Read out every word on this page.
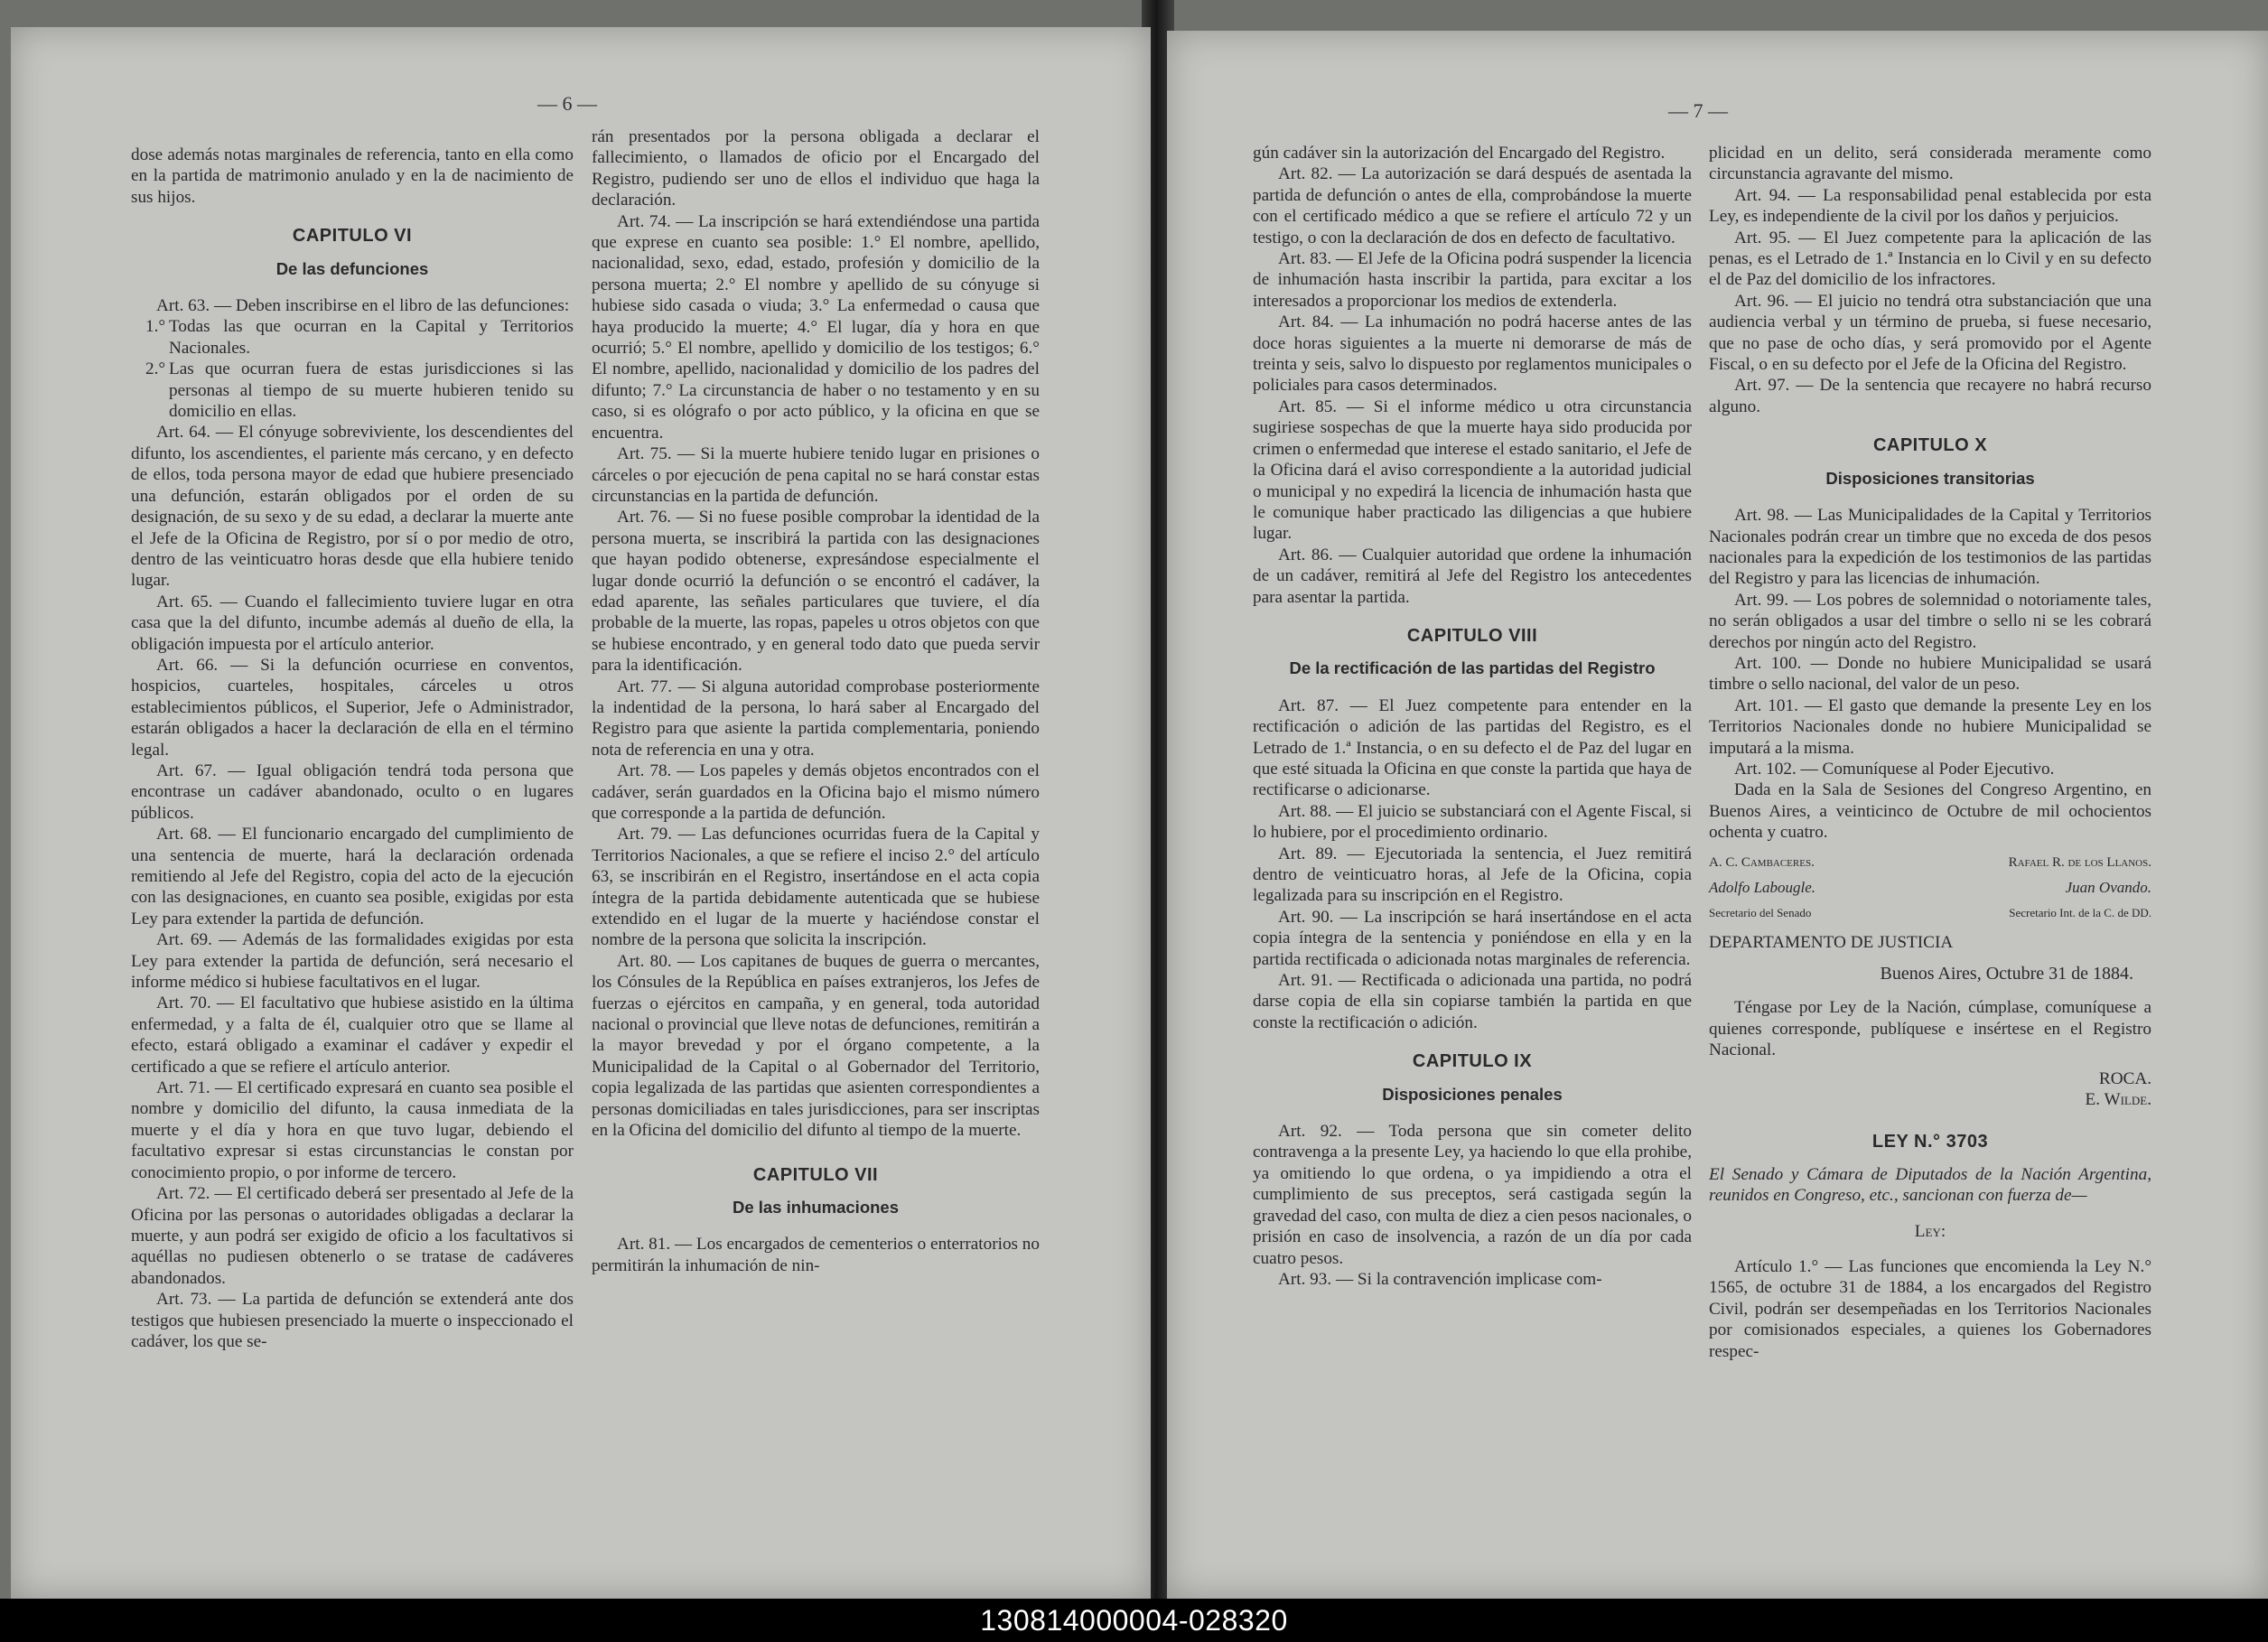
— 6 —

dose además notas marginales de referencia, tanto en ella como en la partida de matrimonio anulado y en la de nacimiento de sus hijos.

CAPITULO VI
De las defunciones

Art. 63. — Deben inscribirse en el libro de las defunciones:

1.° Todas las que ocurran en la Capital y Territorios Nacionales.

2.° Las que ocurran fuera de estas jurisdicciones si las personas al tiempo de su muerte hubieren tenido su domicilio en ellas.

Art. 64. — El cónyuge sobreviviente, los descendientes del difunto, los ascendientes, el pariente más cercano, y en defecto de ellos, toda persona mayor de edad que hubiere presenciado una defunción, estarán obligados por el orden de su designación, de su sexo y de su edad, a declarar la muerte ante el Jefe de la Oficina de Registro, por sí o por medio de otro, dentro de las veinticuatro horas desde que ella hubiere tenido lugar.

Art. 65. — Cuando el fallecimiento tuviere lugar en otra casa que la del difunto, incumbe además al dueño de ella, la obligación impuesta por el artículo anterior.

Art. 66. — Si la defunción ocurriese en conventos, hospicios, cuarteles, hospitales, cárceles u otros establecimientos públicos, el Superior, Jefe o Administrador, estarán obligados a hacer la declaración de ella en el término legal.

Art. 67. — Igual obligación tendrá toda persona que encontrase un cadáver abandonado, oculto o en lugares públicos.

Art. 68. — El funcionario encargado del cumplimiento de una sentencia de muerte, hará la declaración ordenada remitiendo al Jefe del Registro, copia del acto de la ejecución con las designaciones, en cuanto sea posible, exigidas por esta Ley para extender la partida de defunción.

Art. 69. — Además de las formalidades exigidas por esta Ley para extender la partida de defunción, será necesario el informe médico si hubiese facultativos en el lugar.

Art. 70. — El facultativo que hubiese asistido en la última enfermedad, y a falta de él, cualquier otro que se llame al efecto, estará obligado a examinar el cadáver y expedir el certificado a que se refiere el artículo anterior.

Art. 71. — El certificado expresará en cuanto sea posible el nombre y domicilio del difunto, la causa inmediata de la muerte y el día y hora en que tuvo lugar, debiendo el facultativo expresar si estas circunstancias le constan por conocimiento propio, o por informe de tercero.

Art. 72. — El certificado deberá ser presentado al Jefe de la Oficina por las personas o autoridades obligadas a declarar la muerte, y aun podrá ser exigido de oficio a los facultativos si aquéllas no pudiesen obtenerlo o se tratase de cadáveres abandonados.

Art. 73. — La partida de defunción se extenderá ante dos testigos que hubiesen presenciado la muerte o inspeccionado el cadáver, los que se-

rán presentados por la persona obligada a declarar el fallecimiento, o llamados de oficio por el Encargado del Registro, pudiendo ser uno de ellos el individuo que haga la declaración.

Art. 74. — La inscripción se hará extendiéndose una partida que exprese en cuanto sea posible: 1.° El nombre, apellido, nacionalidad, sexo, edad, estado, profesión y domicilio de la persona muerta; 2.° El nombre y apellido de su cónyuge si hubiese sido casada o viuda; 3.° La enfermedad o causa que haya producido la muerte; 4.° El lugar, día y hora en que ocurrió; 5.° El nombre, apellido y domicilio de los testigos; 6.° El nombre, apellido, nacionalidad y domicilio de los padres del difunto; 7.° La circunstancia de haber o no testamento y en su caso, si es ológrafo o por acto público, y la oficina en que se encuentra.

Art. 75. — Si la muerte hubiere tenido lugar en prisiones o cárceles o por ejecución de pena capital no se hará constar estas circunstancias en la partida de defunción.

Art. 76. — Si no fuese posible comprobar la identidad de la persona muerta, se inscribirá la partida con las designaciones que hayan podido obtenerse, expresándose especialmente el lugar donde ocurrió la defunción o se encontró el cadáver, la edad aparente, las señales particulares que tuviere, el día probable de la muerte, las ropas, papeles u otros objetos con que se hubiese encontrado, y en general todo dato que pueda servir para la identificación.

Art. 77. — Si alguna autoridad comprobase posteriormente la indentidad de la persona, lo hará saber al Encargado del Registro para que asiente la partida complementaria, poniendo nota de referencia en una y otra.

Art. 78. — Los papeles y demás objetos encontrados con el cadáver, serán guardados en la Oficina bajo el mismo número que corresponde a la partida de defunción.

Art. 79. — Las defunciones ocurridas fuera de la Capital y Territorios Nacionales, a que se refiere el inciso 2.° del artículo 63, se inscribirán en el Registro, insertándose en el acta copia íntegra de la partida debidamente autenticada que se hubiese extendido en el lugar de la muerte y haciéndose constar el nombre de la persona que solicita la inscripción.

Art. 80. — Los capitanes de buques de guerra o mercantes, los Cónsules de la República en países extranjeros, los Jefes de fuerzas o ejércitos en campaña, y en general, toda autoridad nacional o provincial que lleve notas de defunciones, remitirán a la mayor brevedad y por el órgano competente, a la Municipalidad de la Capital o al Gobernador del Territorio, copia legalizada de las partidas que asienten correspondientes a personas domiciliadas en tales jurisdicciones, para ser inscriptas en la Oficina del domicilio del difunto al tiempo de la muerte.

CAPITULO VII
De las inhumaciones

Art. 81. — Los encargados de cementerios o enterratorios no permitirán la inhumación de nin-

— 7 —

gún cadáver sin la autorización del Encargado del Registro.

Art. 82. — La autorización se dará después de asentada la partida de defunción o antes de ella, comprobándose la muerte con el certificado médico a que se refiere el artículo 72 y un testigo, o con la declaración de dos en defecto de facultativo.

Art. 83. — El Jefe de la Oficina podrá suspender la licencia de inhumación hasta inscribir la partida, para excitar a los interesados a proporcionar los medios de extenderla.

Art. 84. — La inhumación no podrá hacerse antes de las doce horas siguientes a la muerte ni demorarse de más de treinta y seis, salvo lo dispuesto por reglamentos municipales o policiales para casos determinados.

Art. 85. — Si el informe médico u otra circunstancia sugiriese sospechas de que la muerte haya sido producida por crimen o enfermedad que interese el estado sanitario, el Jefe de la Oficina dará el aviso correspondiente a la autoridad judicial o municipal y no expedirá la licencia de inhumación hasta que le comunique haber practicado las diligencias a que hubiere lugar.

Art. 86. — Cualquier autoridad que ordene la inhumación de un cadáver, remitirá al Jefe del Registro los antecedentes para asentar la partida.

CAPITULO VIII
De la rectificación de las partidas del Registro

Art. 87. — El Juez competente para entender en la rectificación o adición de las partidas del Registro, es el Letrado de 1.ª Instancia, o en su defecto el de Paz del lugar en que esté situada la Oficina en que conste la partida que haya de rectificarse o adicionarse.

Art. 88. — El juicio se substanciará con el Agente Fiscal, si lo hubiere, por el procedimiento ordinario.

Art. 89. — Ejecutoriada la sentencia, el Juez remitirá dentro de veinticuatro horas, al Jefe de la Oficina, copia legalizada para su inscripción en el Registro.

Art. 90. — La inscripción se hará insertándose en el acta copia íntegra de la sentencia y poniéndose en ella y en la partida rectificada o adicionada notas marginales de referencia.

Art. 91. — Rectificada o adicionada una partida, no podrá darse copia de ella sin copiarse también la partida en que conste la rectificación o adición.

CAPITULO IX
Disposiciones penales

Art. 92. — Toda persona que sin cometer delito contravenga a la presente Ley, ya haciendo lo que ella prohibe, ya omitiendo lo que ordena, o ya impidiendo a otra el cumplimiento de sus preceptos, será castigada según la gravedad del caso, con multa de diez a cien pesos nacionales, o prisión en caso de insolvencia, a razón de un día por cada cuatro pesos.

Art. 93. — Si la contravención implicase com-

plicidad en un delito, será considerada meramente como circunstancia agravante del mismo.

Art. 94. — La responsabilidad penal establecida por esta Ley, es independiente de la civil por los daños y perjuicios.

Art. 95. — El Juez competente para la aplicación de las penas, es el Letrado de 1.ª Instancia en lo Civil y en su defecto el de Paz del domicilio de los infractores.

Art. 96. — El juicio no tendrá otra substanciación que una audiencia verbal y un término de prueba, si fuese necesario, que no pase de ocho días, y será promovido por el Agente Fiscal, o en su defecto por el Jefe de la Oficina del Registro.

Art. 97. — De la sentencia que recayere no habrá recurso alguno.

CAPITULO X
Disposiciones transitorias

Art. 98. — Las Municipalidades de la Capital y Territorios Nacionales podrán crear un timbre que no exceda de dos pesos nacionales para la expedición de los testimonios de las partidas del Registro y para las licencias de inhumación.

Art. 99. — Los pobres de solemnidad o notoriamente tales, no serán obligados a usar del timbre o sello ni se les cobrará derechos por ningún acto del Registro.

Art. 100. — Donde no hubiere Municipalidad se usará timbre o sello nacional, del valor de un peso.

Art. 101. — El gasto que demande la presente Ley en los Territorios Nacionales donde no hubiere Municipalidad se imputará a la misma.

Art. 102. — Comuníquese al Poder Ejecutivo.

Dada en la Sala de Sesiones del Congreso Argentino, en Buenos Aires, a veinticinco de Octubre de mil ochocientos ochenta y cuatro.

A. C. Cambaceres.	Rafael R. de los Llanos.
Adolfo Labougle.	Juan Ovando.
Secretario del Senado	Secretario Int. de la C. de DD.

DEPARTAMENTO DE JUSTICIA

Buenos Aires, Octubre 31 de 1884.

Téngase por Ley de la Nación, cúmplase, comuníquese a quienes corresponde, publíquese e insértese en el Registro Nacional.

ROCA.

E. Wilde.

LEY N.° 3703

El Senado y Cámara de Diputados de la Nación Argentina, reunidos en Congreso, etc., sancionan con fuerza de—

Ley:

Artículo 1.° — Las funciones que encomienda la Ley N.° 1565, de octubre 31 de 1884, a los encargados del Registro Civil, podrán ser desempeñadas en los Territorios Nacionales por comisionados especiales, a quienes los Gobernadores respec-

130814000004-028320
